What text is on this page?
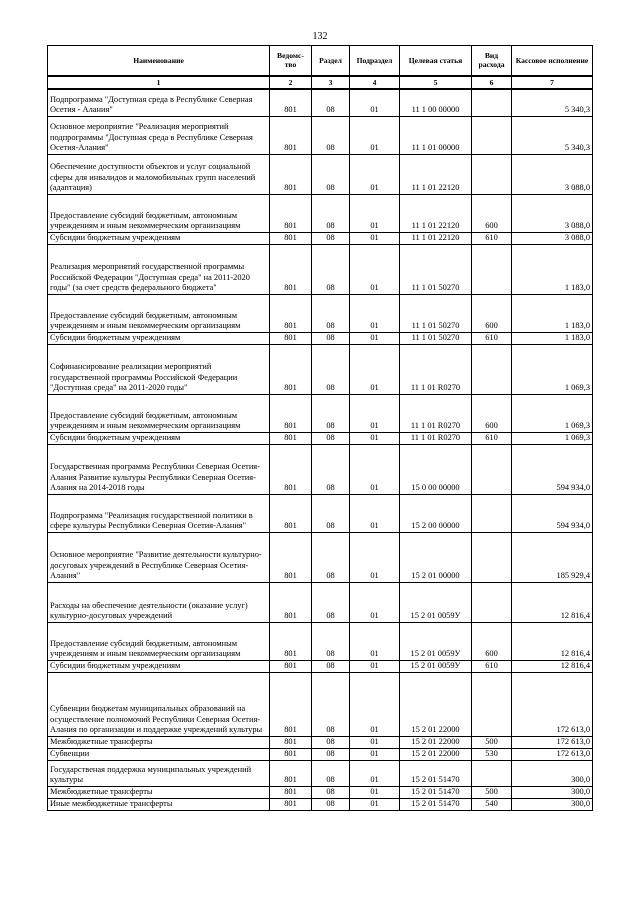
132
Наименование	Ведомс-тво	Раздел	Подраздел	Целевая статья	Вид расхода	Кассовое исполнение
1	2	3	4	5	6	7
Подпрограмма "Доступная среда в Республике Северная Осетия - Алания"	801	08	01	11 1 00 00000		5 340,3
Основное мероприятие "Реализация мероприятий подпрограммы "Доступная среда в Республике Северная Осетия-Алания"	801	08	01	11 1 01 00000		5 340,3
Обеспечение доступности объектов и услуг социальной сферы для инвалидов и маломобильных групп населений (адаптация)	801	08	01	11 1 01 22120		3 088,0
Предоставление субсидий бюджетным, автономным учреждениям и иным некоммерческим организациям	801	08	01	11 1 01 22120	600	3 088,0
Субсидии бюджетным учреждениям	801	08	01	11 1 01 22120	610	3 088,0
Реализация мероприятий государственной программы Российской Федерации "Доступная среда" на 2011-2020 годы" (за счет средств федерального бюджета"	801	08	01	11 1 01 50270		1 183,0
Предоставление субсидий бюджетным, автономным учреждениям и иным некоммерческим организациям	801	08	01	11 1 01 50270	600	1 183,0
Субсидии бюджетным учреждениям	801	08	01	11 1 01 50270	610	1 183,0
Софинансирование реализации мероприятий государственной программы Российской Федерации "Доступная среда" на 2011-2020 годы"	801	08	01	11 1 01 R0270		1 069,3
Предоставление субсидий бюджетным, автономным учреждениям и иным некоммерческим организациям	801	08	01	11 1 01 R0270	600	1 069,3
Субсидии бюджетным учреждениям	801	08	01	11 1 01 R0270	610	1 069,3
Государственная программа Республики Северная Осетия-Алания Развитие культуры Республики Северная Осетия-Алания на 2014-2018 годы	801	08	01	15 0 00 00000		594 934,0
Подпрограмма "Реализация государственной политики в сфере культуры Республики Северная Осетия-Алания"	801	08	01	15 2 00 00000		594 934,0
Основное мероприятие "Развитие деятельности культурно-досуговых учреждений в Республике Северная Осетия-Алания"	801	08	01	15 2 01 00000		185 929,4
Расходы на обеспечение деятельности (оказание услуг) культурно-досуговых учреждений	801	08	01	15 2 01 0059У		12 816,4
Предоставление субсидий бюджетным, автономным учреждениям и иным некоммерческим организациям	801	08	01	15 2 01 0059У	600	12 816,4
Субсидии бюджетным учреждениям	801	08	01	15 2 01 0059У	610	12 816,4
Субвенции бюджетам муниципальных образований на осуществление полномочий Республики Северная Осетия-Алания по организации и поддержке учреждений культуры	801	08	01	15 2 01 22000		172 613,0
Межбюджетные трансферты	801	08	01	15 2 01 22000	500	172 613,0
Субвенции	801	08	01	15 2 01 22000	530	172 613,0
Государственая поддержка муниципальных учреждений культуры	801	08	01	15 2 01 51470		300,0
Межбюджетные трансферты	801	08	01	15 2 01 51470	500	300,0
Иные межбюджетные трансферты	801	08	01	15 2 01 51470	540	300,0
